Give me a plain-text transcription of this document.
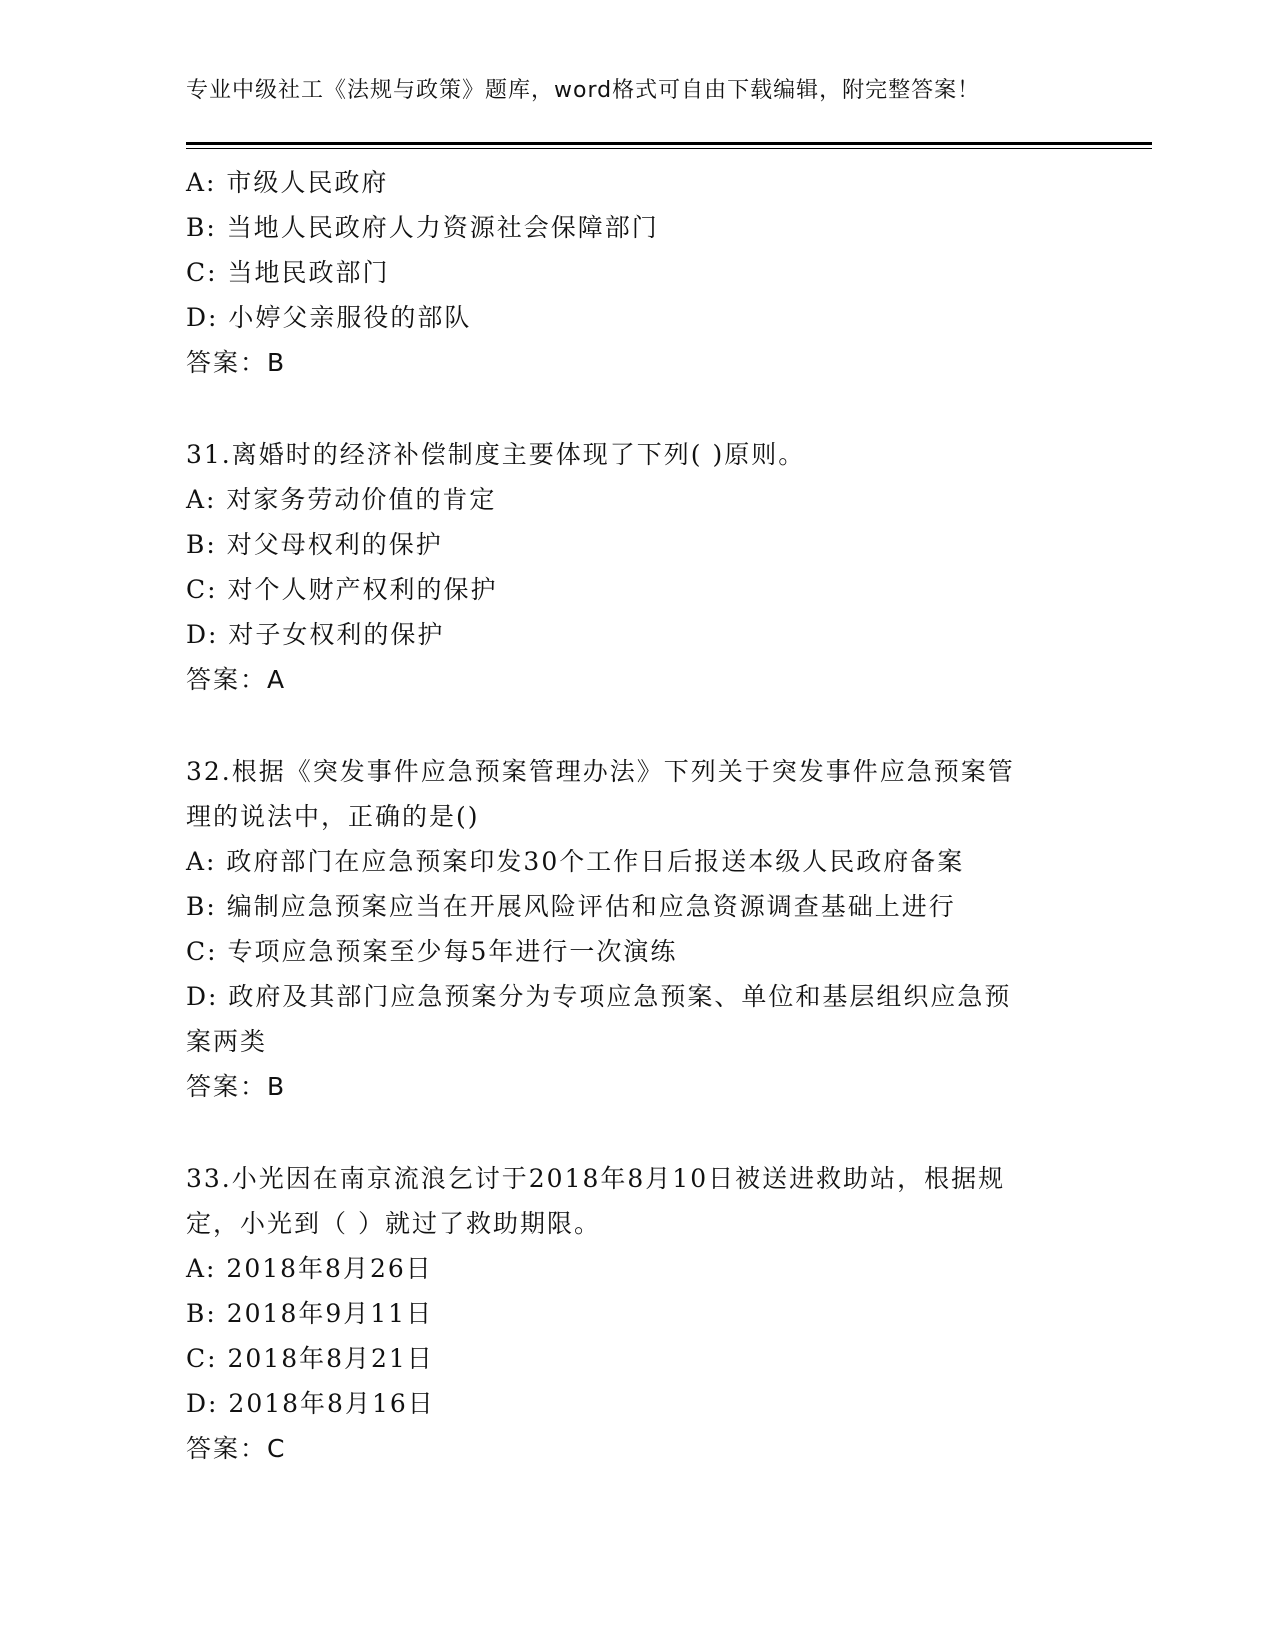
专业中级社工《法规与政策》题库，word格式可自由下载编辑，附完整答案！
A: 市级人民政府
B: 当地人民政府人力资源社会保障部门
C: 当地民政部门
D: 小婷父亲服役的部队
答案：B
31.离婚时的经济补偿制度主要体现了下列( )原则。
A: 对家务劳动价值的肯定
B: 对父母权利的保护
C: 对个人财产权利的保护
D: 对子女权利的保护
答案：A
32.根据《突发事件应急预案管理办法》下列关于突发事件应急预案管
理的说法中，正确的是()
A: 政府部门在应急预案印发30个工作日后报送本级人民政府备案
B: 编制应急预案应当在开展风险评估和应急资源调查基础上进行
C: 专项应急预案至少每5年进行一次演练
D: 政府及其部门应急预案分为专项应急预案、单位和基层组织应急预
案两类
答案：B
33.小光因在南京流浪乞讨于2018年8月10日被送进救助站，根据规
定，小光到（ ）就过了救助期限。
A: 2018年8月26日
B: 2018年9月11日
C: 2018年8月21日
D: 2018年8月16日
答案：C
